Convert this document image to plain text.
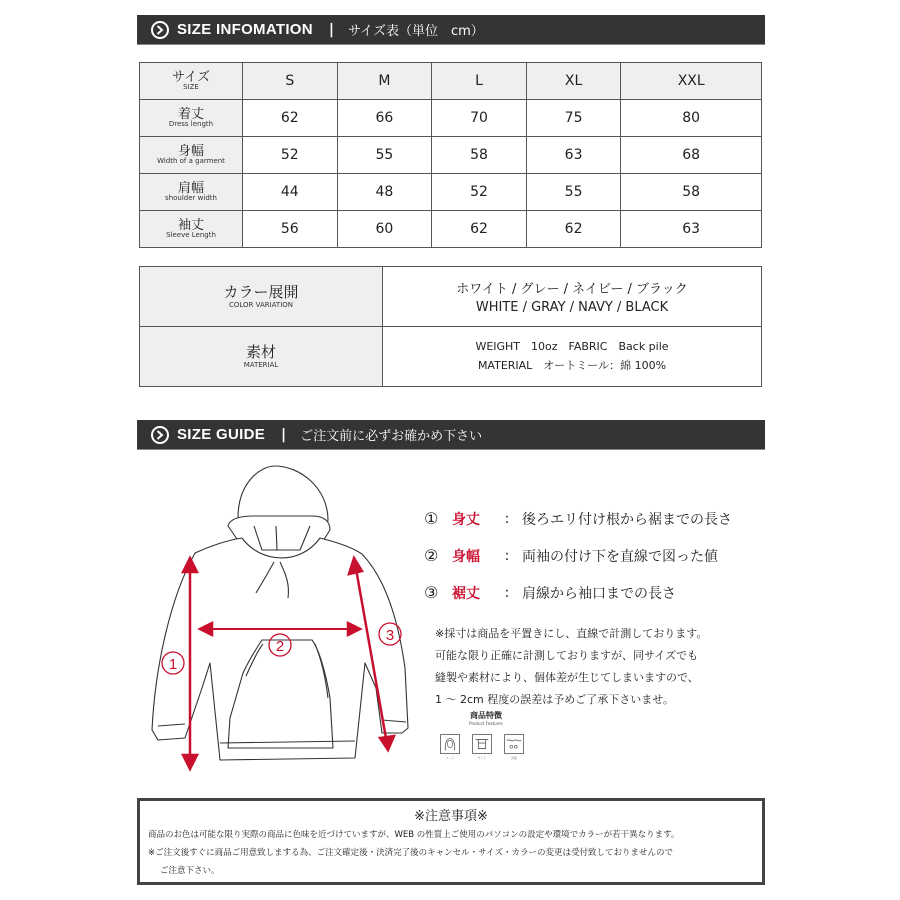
SIZE INFOMATION | サイズ表（単位　cm）
サイズ
SIZE	S	M	L	XL	XXL

着丈
Dress length	62	66	70	75	80

身幅
Width of a garment	52	55	58	63	68

肩幅
shoulder width	44	48	52	55	58

袖丈
Sleeve Length	56	60	62	62	63
カラー展開
COLOR VARIATION	ホワイト / グレー / ネイビー / ブラック
WHITE / GRAY / NAVY / BLACK

素材
MATERIAL	WEIGHT　10oz　FABRIC　Back pile
MATERIAL　オートミール：綿 100%
SIZE GUIDE | ご注文前に必ずお確かめ下さい
1
2
3
① 身丈	: 後ろエリ付け根から裾までの長さ
② 身幅	: 両袖の付け下を直線で図った値
③ 裾丈	: 肩線から袖口までの長さ
※採寸は商品を平置きにし、直線で計測しております。
可能な限り正確に計測しておりますが、同サイズでも
縫製や素材により、個体差が生じてしまいますので、
1 〜 2cm 程度の誤差は予めご了承下さいませ。
商品特徴
Product Features
フード	サイド	洗濯
※注意事項※
商品のお色は可能な限り実際の商品に色味を近づけていますが、WEB の性質上ご使用のパソコンの設定や環境でカラーが若干異なります。
※ご注文後すぐに商品ご用意致しまする為、ご注文確定後・決済完了後のキャンセル・サイズ・カラーの変更は受付致しておりませんので
ご注意下さい。
